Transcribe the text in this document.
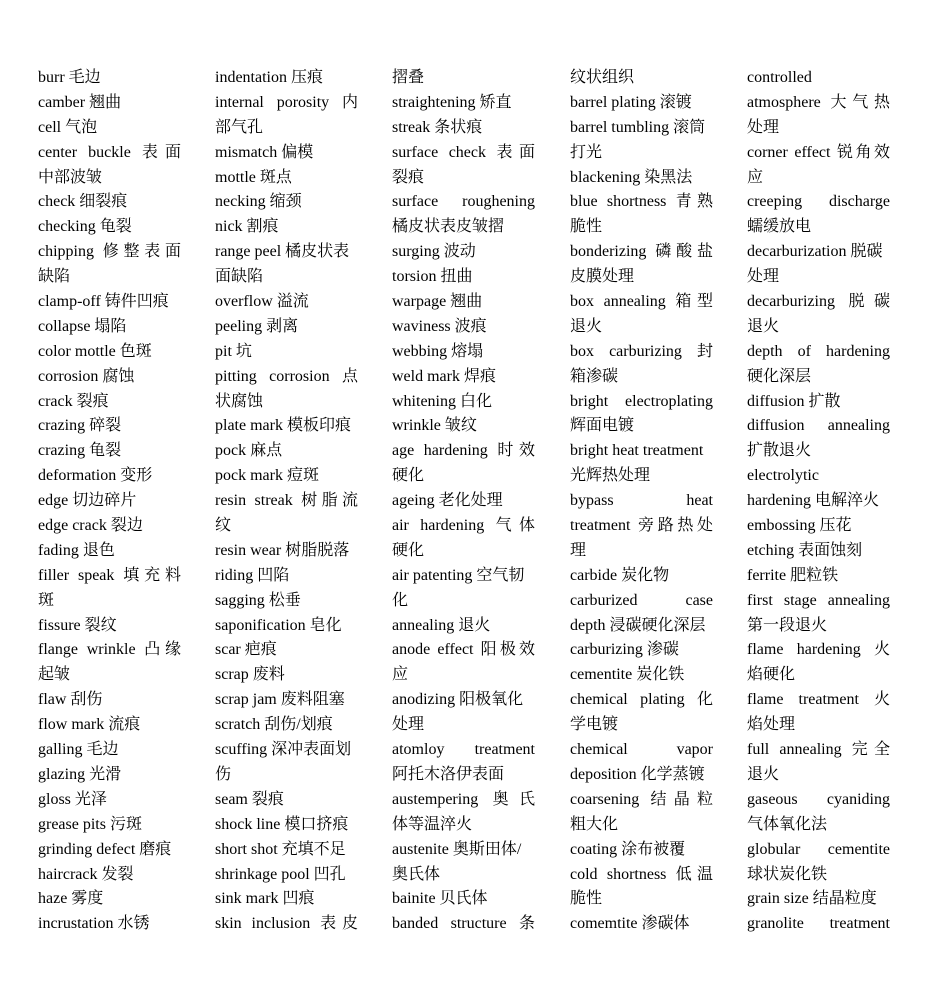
burr 毛边
camber 翘曲
cell 气泡
center buckle 表面
中部波皱
check 细裂痕
checking 龟裂
chipping 修整表面
缺陷
clamp-off 铸件凹痕
collapse 塌陷
color mottle 色斑
corrosion 腐蚀
crack 裂痕
crazing 碎裂
crazing 龟裂
deformation 变形
edge 切边碎片
edge crack 裂边
fading 退色
filler speak 填充料
斑
fissure 裂纹
flange wrinkle 凸缘
起皱
flaw 刮伤
flow mark 流痕
galling 毛边
glazing 光滑
gloss 光泽
grease pits 污斑
grinding defect 磨痕
haircrack 发裂
haze 雾度
incrustation 水锈
indentation 压痕
internal porosity 内
部气孔
mismatch 偏模
mottle 斑点
necking 缩颈
nick 割痕
range peel 橘皮状表
面缺陷
overflow 溢流
peeling 剥离
pit 坑
pitting corrosion 点
状腐蚀
plate mark 模板印痕
pock 麻点
pock mark 痘斑
resin streak 树脂流
纹
resin wear 树脂脱落
riding 凹陷
sagging 松垂
saponification 皂化
scar 疤痕
scrap 废料
scrap jam 废料阻塞
scratch 刮伤/划痕
scuffing 深冲表面划
伤
seam 裂痕
shock line 模口挤痕
short shot 充填不足
shrinkage pool 凹孔
sink mark 凹痕
skin inclusion 表皮
摺叠
straightening 矫直
streak 条状痕
surface check 表面
裂痕
surface roughening
橘皮状表皮皱摺
surging 波动
torsion 扭曲
warpage 翘曲
waviness 波痕
webbing 熔塌
weld mark 焊痕
whitening 白化
wrinkle 皱纹
age hardening 时效
硬化
ageing 老化处理
air hardening 气体
硬化
air patenting 空气韧
化
annealing 退火
anode effect 阳极效
应
anodizing 阳极氧化
处理
atomloy treatment
阿托木洛伊表面
austempering 奥氏
体等温淬火
austenite 奥斯田体/
奥氏体
bainite 贝氏体
banded structure 条
纹状组织
barrel plating 滚镀
barrel tumbling 滚筒
打光
blackening 染黑法
blue shortness 青熟
脆性
bonderizing 磷酸盐
皮膜处理
box annealing 箱型
退火
box carburizing 封
箱渗碳
bright electroplating
辉面电镀
bright heat treatment
光辉热处理
bypass heat
treatment 旁路热处
理
carbide 炭化物
carburized case
depth 浸碳硬化深层
carburizing 渗碳
cementite 炭化铁
chemical plating 化
学电镀
chemical vapor
deposition 化学蒸镀
coarsening 结晶粒
粗大化
coating 涂布被覆
cold shortness 低温
脆性
comemtite 渗碳体
controlled
atmosphere 大气热
处理
corner effect 锐角效
应
creeping discharge
蠕缓放电
decarburization 脱碳
处理
decarburizing 脱碳
退火
depth of hardening
硬化深层
diffusion 扩散
diffusion annealing
扩散退火
electrolytic
hardening 电解淬火
embossing 压花
etching 表面蚀刻
ferrite 肥粒铁
first stage annealing
第一段退火
flame hardening 火
焰硬化
flame treatment 火
焰处理
full annealing 完全
退火
gaseous cyaniding
气体氧化法
globular cementite
球状炭化铁
grain size 结晶粒度
granolite treatment
